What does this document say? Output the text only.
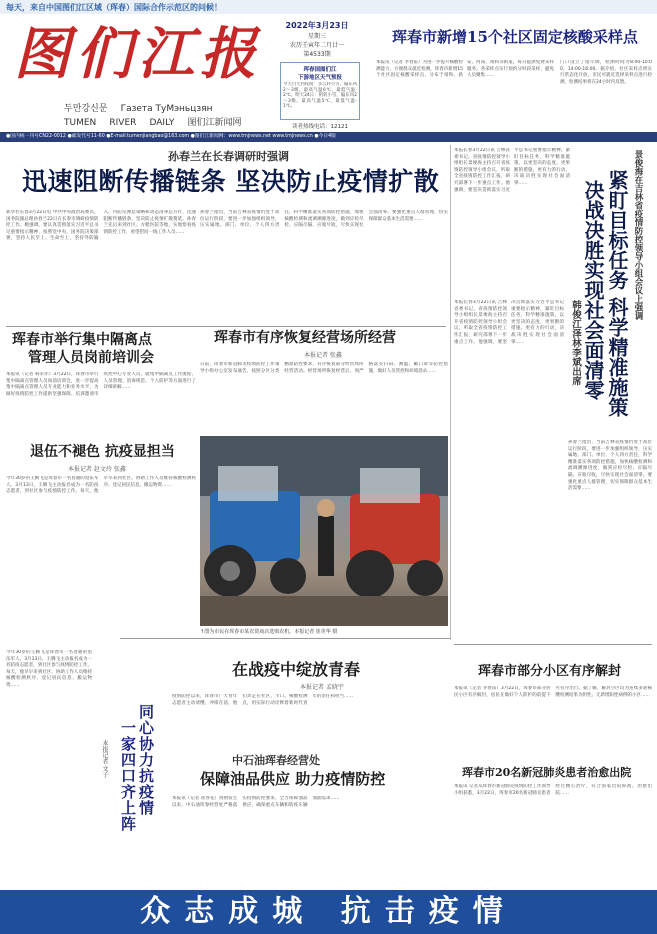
每天，来自中国图们江区域（珲春）国际合作示范区的问候！
图们江报
두만강신문 Газета ТуМэньцзян
TUMEN RIVER DAILY 图们江新闻网
2022年3月23日
星期三
农历壬寅年二月廿一
第4533期
珲春国图们江
下游地区天气预报
今天白天到夜间：多云转小雪，偏东风2～3级，最高气温6℃，最低气温-2℃。明天24日：阴转小雪，偏东风2～3级。最高气温5℃，最低气温-1℃。
读者热线电话：12121
●国内统一刊号CN22-0012 ●邮发代号11-60 ●E-mail:tumenjiangbao@163.com ●图们江新闻网：www.tmjnews.net www.tmjnews.cn ●今日4版
珲春市新增15个社区固定核酸采样点
本报讯（记者 李春雷）为进一步提升核酸检测能力，方便群众就近检测，珲春市新增15个社区固定核酸采样点，分布于靖和、新安、河南、靖和等街道，每日提供免费采样服务。各采样点实行预约分时段采样，避免人员聚集……
门口设立了指示牌，检测时间为8:00-10:00，14:00-16:00。据介绍，社区采样点将实行常态化开放，市民可就近选择采样点进行检测，检测结果将在24小时内反馈。
孙春兰在长春调研时强调
迅速阻断传播链条 坚决防止疫情扩散
新华社长春3月22日电 中共中央政治局委员、国务院副总理孙春兰22日在长春市调研疫情防控工作。她强调，要认真贯彻落实习近平总书记重要指示精神，按照党中央、国务院决策部署，坚持人民至上、生命至上，坚持外防输入、内防反弹总策略和动态清零总方针，迅速阻断传播链条，坚决防止疫情扩散蔓延。孙春兰先后来到社区、方舱医院等地，实地察看疫情防控工作，看望慰问一线工作人员……
孙春兰指出，当前吉林省疫情仍处于高位运行阶段，要进一步加强组织领导，压实属地、部门、单位、个人四方责任，科学精准落实各项防控措施，加快核酸检测和流调溯源进度，做到应检尽检、应隔尽隔、应收尽收，尽快实现社会面清零。要强化重点人群管理，切实保障群众基本生活需要……
本报长春3月22日讯 吉林省委书记、省疫情防控领导小组组长景俊海主持召开省疫情防控领导小组会议，听取全省疫情防控工作汇报，研究部署下一步重点工作。他强调，要坚决贯彻落实习近平总书记重要指示精神，紧盯目标任务，科学精准施策，以更坚决的态度、更果断的措施、更有力的行动，决战决胜实现社会面清零……	景俊海在吉林省疫情防控领导小组会议上强调
紧盯目标任务 科学精准施策
决战决胜实现社会面清零
韩俊江泽林李斌出席
本报长春3月22日讯 吉林省委书记、省疫情防控领导小组组长景俊海主持召开省疫情防控领导小组会议，听取全省疫情防控工作汇报，研究部署下一步重点工作。他强调，要坚决贯彻落实习近平总书记重要指示精神，紧盯目标任务，科学精准施策，以更坚决的态度、更果断的措施、更有力的行动，决战决胜实现社会面清零……
孙春兰指出，当前吉林省疫情仍处于高位运行阶段，要进一步加强组织领导，压实属地、部门、单位、个人四方责任，科学精准落实各项防控措施，加快核酸检测和流调溯源进度，做到应检尽检、应隔尽隔、应收尽收，尽快实现社会面清零。要强化重点人群管理，切实保障群众基本生活需要……
珲春市举行集中隔离点
管理人员岗前培训会
本报讯（记者 韩永赤）3月22日，珲春市举行集中隔离点管理人员岗前培训会，进一步提高集中隔离点管理人员专业能力和业务水平，为做好疫情防控工作提供坚强保障。培训邀请市疾控中心专业人员，就集中隔离点工作流程、人员管理、消毒规范、个人防护等方面进行了详细讲解……
退伍不褪色 抗疫显担当
本报记者 赵文玲 张鑫
今年30岁的王腾飞是珲春市一名普通的退伍军人。3月13日，王腾飞主动报名成为一名防疫志愿者，到社区参与疫情防控工作。每天，他早早来到社区，协助工作人员维持核酸检测秩序、登记居民信息、搬运物资……
珲春市有序恢复经营场所经营
本报记者 张鑫
日前，珲春市新冠肺炎疫情防控工作领导小组办公室发布通告，按照分区分类精准防控要求，有序恢复部分经营场所经营活动。经营场所恢复经营后，须严格落实扫码、测温、戴口罩等防控措施，做好人员管控和环境消杀……
↑图为市民在珲春市某农资商店选购农机。本报记者 崔英华 摄
在战疫中绽放青春
本报记者 孟晓宇
疫情防控以来，珲春市广大青年志愿者主动请缨、冲锋在前，他们奔走在社区、卡口、核酸检测点，用实际行动诠释着新时代青年的责任和担当……
中石油珲春经营处
保障油品供应 助力疫情防控
本报讯（记者 崔春花）疫情发生以来，中石油珲春经营处严格落实疫情防控要求，全力保障油品供应，确保重点车辆和防疫车辆加油需求……
今年30岁的王腾飞是珲春市一名普通的退伍军人。3月13日，王腾飞主动报名成为一名防疫志愿者，到社区参与疫情防控工作。每天，他早早来到社区，协助工作人员维持核酸检测秩序、登记居民信息、搬运物资……
同心协力抗疫情
一家四口齐上阵
本报记者 文子
珲春市部分小区有序解封
本报讯（记者 李春雷）3月22日，珲春市部分居民小区有序解封，居民在做好个人防护的前提下可有序出行。据了解，解封小区均为连续多轮核酸检测结果为阴性、无新增阳性病例的小区……
珲春市20名新冠肺炎患者治愈出院
本报讯 记者从珲春市新冠肺炎疫情防控工作领导小组获悉，3月22日，珲春市20名新冠肺炎患者经过精心治疗，符合国家出院标准，治愈出院……
众志成城 抗击疫情
